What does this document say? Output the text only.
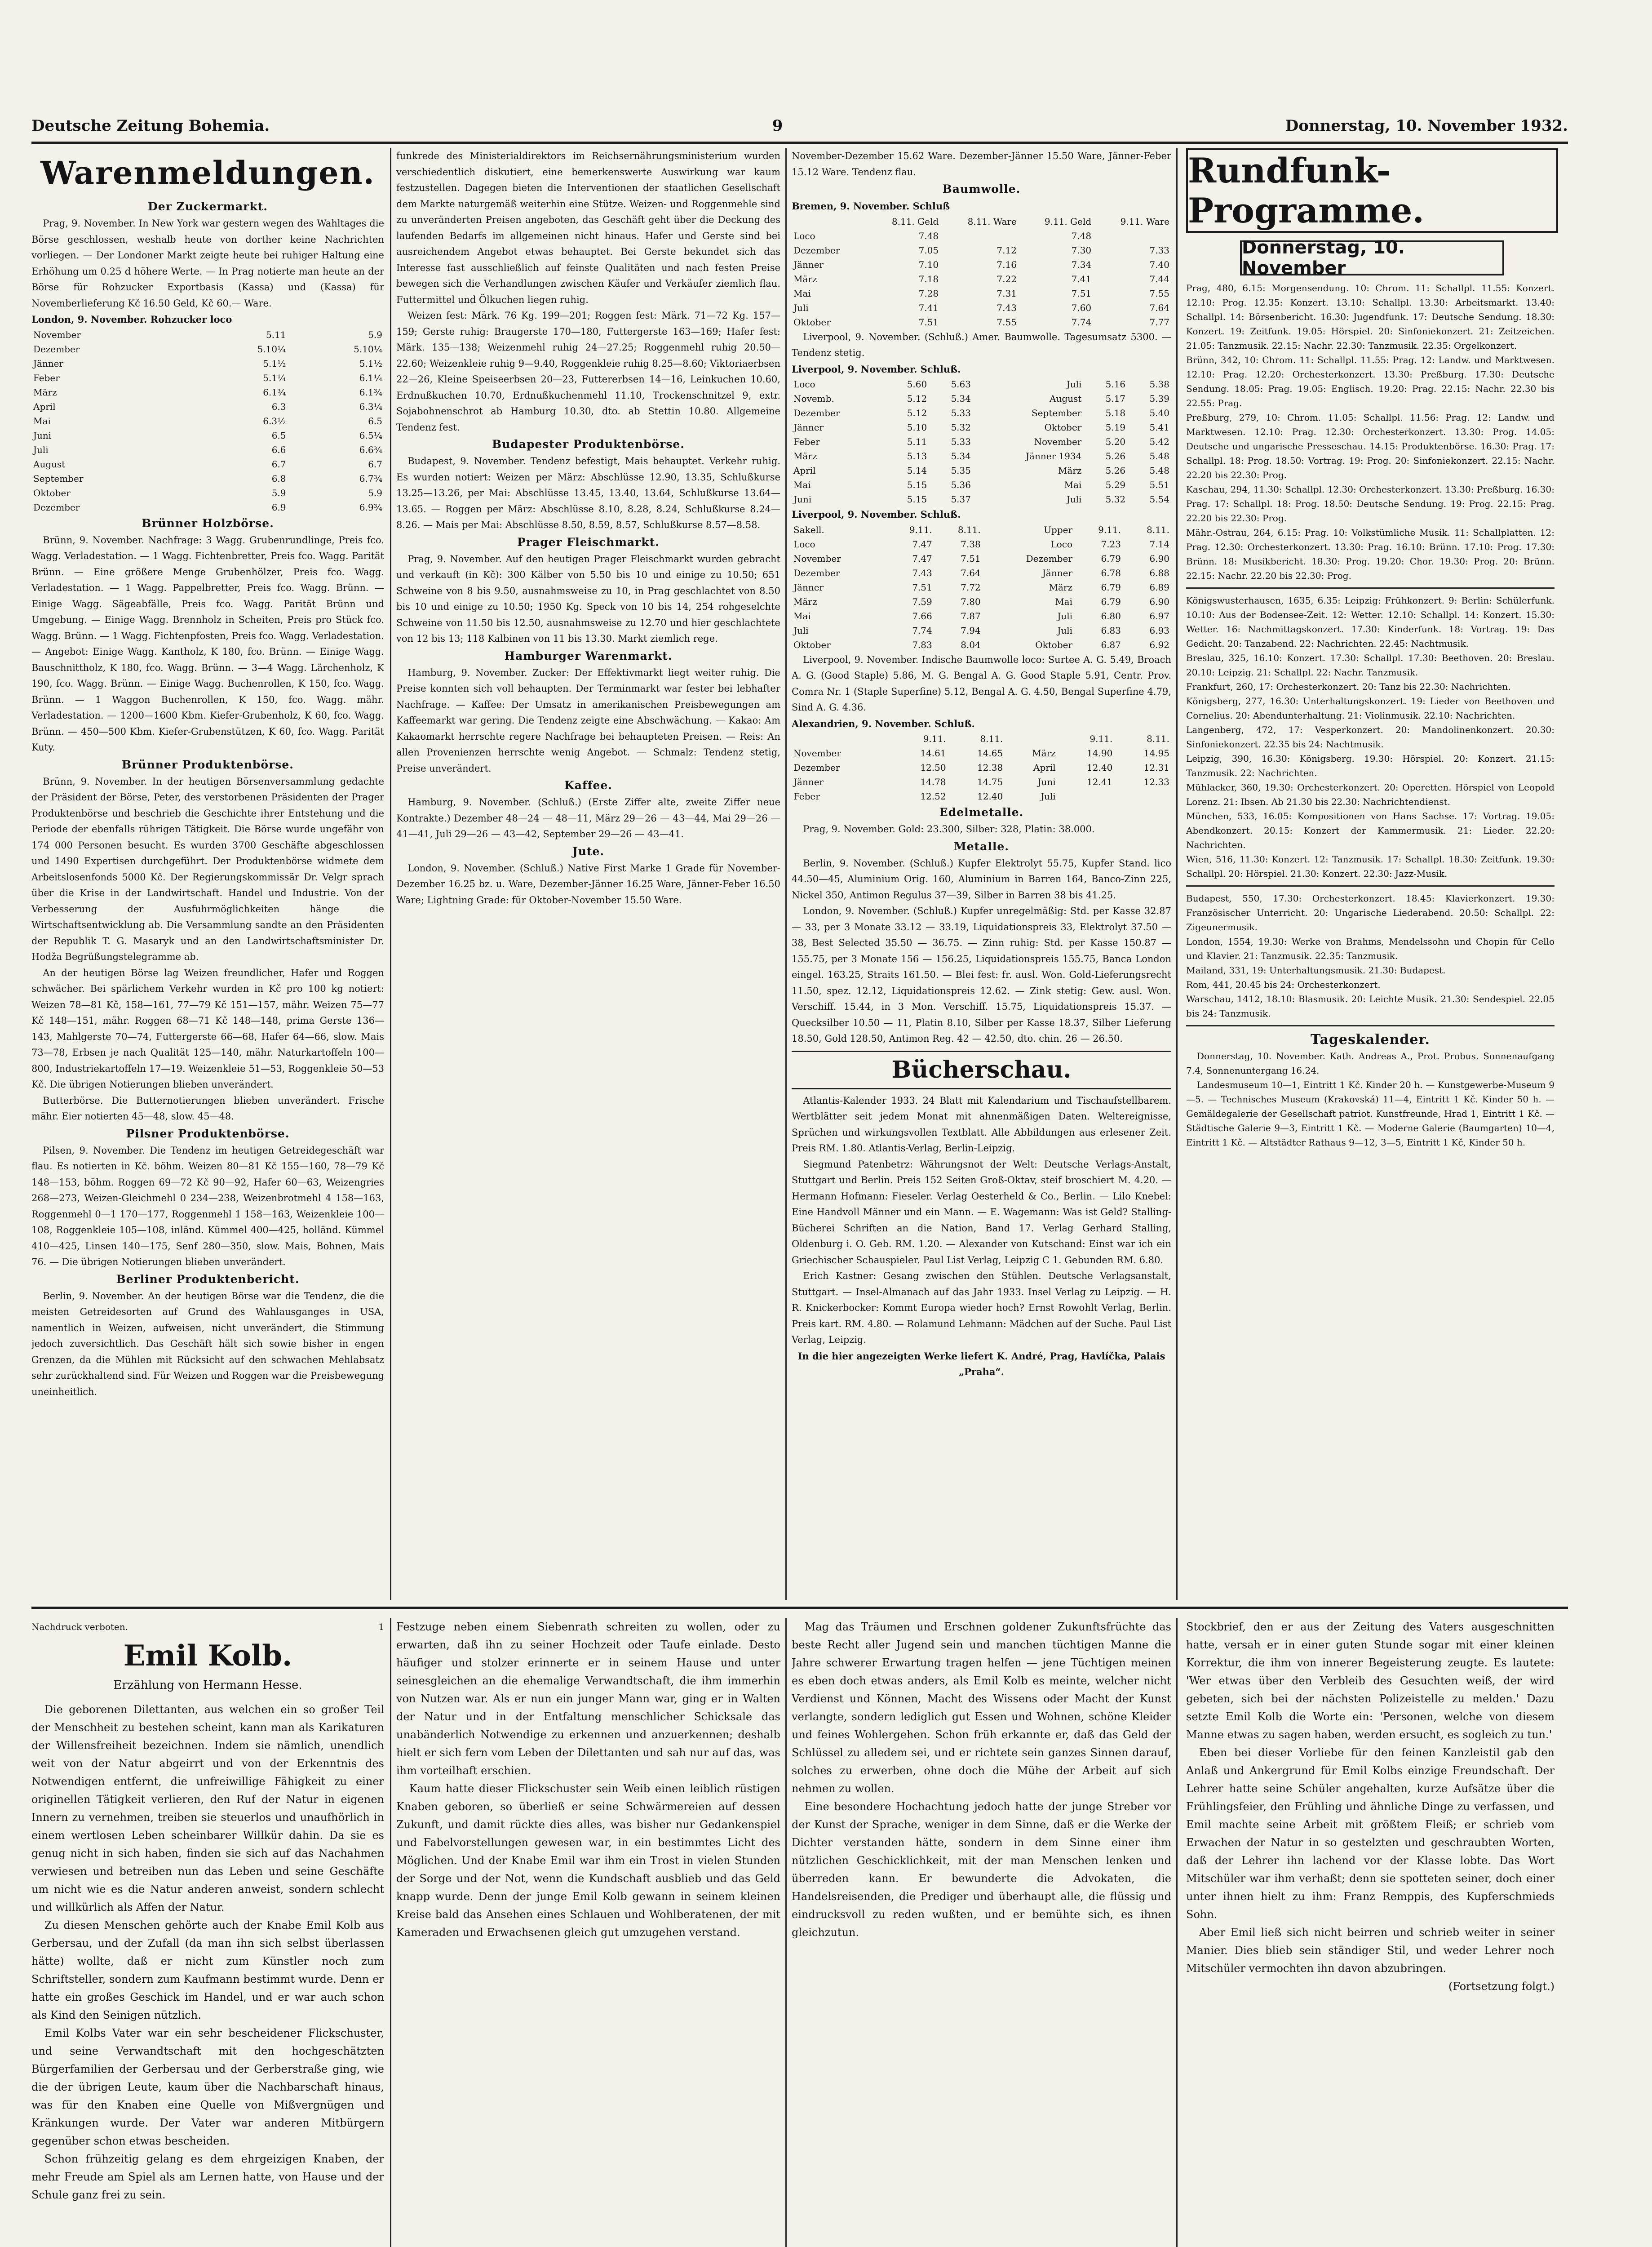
Deutsche Zeitung Bohemia.	9	Donnerstag, 10. November 1932.
Warenmeldungen.
Der Zuckermarkt.

Prag, 9. November. In New York war gestern wegen des Wahltages die Börse geschlossen, weshalb heute von dorther keine Nachrichten vorliegen. — Der Londoner Markt zeigte heute bei ruhiger Haltung eine Erhöhung um 0.25 d höhere Werte. — In Prag notierte man heute an der Börse für Rohzucker Exportbasis (Kassa) und (Kassa) für Novemberlieferung Kč 16.50 Geld, Kč 60.— Ware.

London, 9. November. Rohzucker loco

November	5.11	5.9
Dezember	5.10¼	5.10¼
Jänner	5.1½	5.1½
Feber	5.1¼	6.1¼
März	6.1¾	6.1¾
April	6.3	6.3¼
Mai	6.3½	6.5
Juni	6.5	6.5¼
Juli	6.6	6.6¾
August	6.7	6.7
September	6.8	6.7¾
Oktober	5.9	5.9
Dezember	6.9	6.9¾
Brünner Holzbörse.

Brünn, 9. November. Nachfrage: 3 Wagg. Grubenrundlinge, Preis fco. Wagg. Verladestation. — 1 Wagg. Fichtenbretter, Preis fco. Wagg. Parität Brünn. — Eine größere Menge Grubenhölzer, Preis fco. Wagg. Verladestation. — 1 Wagg. Pappelbretter, Preis fco. Wagg. Brünn. — Einige Wagg. Sägeabfälle, Preis fco. Wagg. Parität Brünn und Umgebung. — Einige Wagg. Brennholz in Scheiten, Preis pro Stück fco. Wagg. Brünn. — 1 Wagg. Fichtenpfosten, Preis fco. Wagg. Verladestation. — Angebot: Einige Wagg. Kantholz, K 180, fco. Brünn. — Einige Wagg. Bauschnittholz, K 180, fco. Wagg. Brünn. — 3—4 Wagg. Lärchenholz, K 190, fco. Wagg. Brünn. — Einige Wagg. Buchenrollen, K 150, fco. Wagg. Brünn. — 1 Waggon Buchenrollen, K 150, fco. Wagg. mähr. Verladestation. — 1200—1600 Kbm. Kiefer-Grubenholz, K 60, fco. Wagg. Brünn. — 450—500 Kbm. Kiefer-Grubenstützen, K 60, fco. Wagg. Parität Kuty.

Brünner Produktenbörse.

Brünn, 9. November. In der heutigen Börsenversammlung gedachte der Präsident der Börse, Peter, des verstorbenen Präsidenten der Prager Produktenbörse und beschrieb die Geschichte ihrer Entstehung und die Periode der ebenfalls rührigen Tätigkeit. Die Börse wurde ungefähr von 174 000 Personen besucht. Es wurden 3700 Geschäfte abgeschlossen und 1490 Expertisen durchgeführt. Der Produktenbörse widmete dem Arbeitslosenfonds 5000 Kč. Der Regierungskommissär Dr. Velgr sprach über die Krise in der Landwirtschaft. Handel und Industrie. Von der Verbesserung der Ausfuhrmöglichkeiten hänge die Wirtschaftsentwicklung ab. Die Versammlung sandte an den Präsidenten der Republik T. G. Masaryk und an den Landwirtschaftsminister Dr. Hodža Begrüßungstelegramme ab.

An der heutigen Börse lag Weizen freundlicher, Hafer und Roggen schwächer. Bei spärlichem Verkehr wurden in Kč pro 100 kg notiert: Weizen 78—81 Kč, 158—161, 77—79 Kč 151—157, mähr. Weizen 75—77 Kč 148—151, mähr. Roggen 68—71 Kč 148—148, prima Gerste 136—143, Mahlgerste 70—74, Futtergerste 66—68, Hafer 64—66, slow. Mais 73—78, Erbsen je nach Qualität 125—140, mähr. Naturkartoffeln 100—800, Industriekartoffeln 17—19. Weizenkleie 51—53, Roggenkleie 50—53 Kč. Die übrigen Notierungen blieben unverändert.

Butterbörse. Die Butternotierungen blieben unverändert. Frische mähr. Eier notierten 45—48, slow. 45—48.

Pilsner Produktenbörse.

Pilsen, 9. November. Die Tendenz im heutigen Getreidegeschäft war flau. Es notierten in Kč. böhm. Weizen 80—81 Kč 155—160, 78—79 Kč 148—153, böhm. Roggen 69—72 Kč 90—92, Hafer 60—63, Weizengries 268—273, Weizen-Gleichmehl 0 234—238, Weizenbrotmehl 4 158—163, Roggenmehl 0—1 170—177, Roggenmehl 1 158—163, Weizenkleie 100—108, Roggenkleie 105—108, inländ. Kümmel 400—425, holländ. Kümmel 410—425, Linsen 140—175, Senf 280—350, slow. Mais, Bohnen, Mais 76. — Die übrigen Notierungen blieben unverändert.

Berliner Produktenbericht.

Berlin, 9. November. An der heutigen Börse war die Tendenz, die die meisten Getreidesorten auf Grund des Wahlausganges in USA, namentlich in Weizen, aufweisen, nicht unverändert, die Stimmung jedoch zuversichtlich. Das Geschäft hält sich sowie bisher in engen Grenzen, da die Mühlen mit Rücksicht auf den schwachen Mehlabsatz sehr zurückhaltend sind. Für Weizen und Roggen war die Preisbewegung uneinheitlich.

funkrede des Ministerialdirektors im Reichsernährungsministerium wurden verschiedentlich diskutiert, eine bemerkenswerte Auswirkung war kaum festzustellen. Dagegen bieten die Interventionen der staatlichen Gesellschaft dem Markte naturgemäß weiterhin eine Stütze. Weizen- und Roggenmehle sind zu unveränderten Preisen angeboten, das Geschäft geht über die Deckung des laufenden Bedarfs im allgemeinen nicht hinaus. Hafer und Gerste sind bei ausreichendem Angebot etwas behauptet. Bei Gerste bekundet sich das Interesse fast ausschließlich auf feinste Qualitäten und nach festen Preise bewegen sich die Verhandlungen zwischen Käufer und Verkäufer ziemlich flau. Futtermittel und Ölkuchen liegen ruhig.

Weizen fest: Märk. 76 Kg. 199—201; Roggen fest: Märk. 71—72 Kg. 157—159; Gerste ruhig: Braugerste 170—180, Futtergerste 163—169; Hafer fest: Märk. 135—138; Weizenmehl ruhig 24—27.25; Roggenmehl ruhig 20.50—22.60; Weizenkleie ruhig 9—9.40, Roggenkleie ruhig 8.25—8.60; Viktoriaerbsen 22—26, Kleine Speiseerbsen 20—23, Futtererbsen 14—16, Leinkuchen 10.60, Erdnußkuchen 10.70, Erdnußkuchenmehl 11.10, Trockenschnitzel 9, extr. Sojabohnenschrot ab Hamburg 10.30, dto. ab Stettin 10.80. Allgemeine Tendenz fest.

Budapester Produktenbörse.

Budapest, 9. November. Tendenz befestigt, Mais behauptet. Verkehr ruhig. Es wurden notiert: Weizen per März: Abschlüsse 12.90, 13.35, Schlußkurse 13.25—13.26, per Mai: Abschlüsse 13.45, 13.40, 13.64, Schlußkurse 13.64—13.65. — Roggen per März: Abschlüsse 8.10, 8.28, 8.24, Schlußkurse 8.24—8.26. — Mais per Mai: Abschlüsse 8.50, 8.59, 8.57, Schlußkurse 8.57—8.58.

Prager Fleischmarkt.

Prag, 9. November. Auf den heutigen Prager Fleischmarkt wurden gebracht und verkauft (in Kč): 300 Kälber von 5.50 bis 10 und einige zu 10.50; 651 Schweine von 8 bis 9.50, ausnahmsweise zu 10, in Prag geschlachtet von 8.50 bis 10 und einige zu 10.50; 1950 Kg. Speck von 10 bis 14, 254 rohgeselchte Schweine von 11.50 bis 12.50, ausnahmsweise zu 12.70 und hier geschlachtete von 12 bis 13; 118 Kalbinen von 11 bis 13.30. Markt ziemlich rege.

Hamburger Warenmarkt.

Hamburg, 9. November. Zucker: Der Effektivmarkt liegt weiter ruhig. Die Preise konnten sich voll behaupten. Der Terminmarkt war fester bei lebhafter Nachfrage. — Kaffee: Der Umsatz in amerikanischen Preisbewegungen am Kaffeemarkt war gering. Die Tendenz zeigte eine Abschwächung. — Kakao: Am Kakaomarkt herrschte regere Nachfrage bei behaupteten Preisen. — Reis: An allen Provenienzen herrschte wenig Angebot. — Schmalz: Tendenz stetig, Preise unverändert.

Kaffee.

Hamburg, 9. November. (Schluß.) (Erste Ziffer alte, zweite Ziffer neue Kontrakte.) Dezember 48—24 — 48—11, März 29—26 — 43—44, Mai 29—26 — 41—41, Juli 29—26 — 43—42, September 29—26 — 43—41.

Jute.

London, 9. November. (Schluß.) Native First Marke 1 Grade für November-Dezember 16.25 bz. u. Ware, Dezember-Jänner 16.25 Ware, Jänner-Feber 16.50 Ware; Lightning Grade: für Oktober-November 15.50 Ware.

November-Dezember 15.62 Ware. Dezember-Jänner 15.50 Ware, Jänner-Feber 15.12 Ware. Tendenz flau.

Baumwolle.

Bremen, 9. November. Schluß

	8.11. Geld	8.11. Ware	9.11. Geld	9.11. Ware
Loco	7.48		7.48	
Dezember	7.05	7.12	7.30	7.33
Jänner	7.10	7.16	7.34	7.40
März	7.18	7.22	7.41	7.44
Mai	7.28	7.31	7.51	7.55
Juli	7.41	7.43	7.60	7.64
Oktober	7.51	7.55	7.74	7.77

Liverpool, 9. November. (Schluß.) Amer. Baumwolle. Tagesumsatz 5300. — Tendenz stetig.

Liverpool, 9. November. Schluß.

Loco	5.60	5.63	Juli	5.16	5.38
Novemb.	5.12	5.34	August	5.17	5.39
Dezember	5.12	5.33	September	5.18	5.40
Jänner	5.10	5.32	Oktober	5.19	5.41
Feber	5.11	5.33	November	5.20	5.42
März	5.13	5.34	Jänner 1934	5.26	5.48
April	5.14	5.35	März	5.26	5.48
Mai	5.15	5.36	Mai	5.29	5.51
Juni	5.15	5.37	Juli	5.32	5.54

Liverpool, 9. November. Schluß.

Sakell.	9.11.	8.11.	Upper	9.11.	8.11.
Loco	7.47	7.38	Loco	7.23	7.14
November	7.47	7.51	Dezember	6.79	6.90
Dezember	7.43	7.64	Jänner	6.78	6.88
Jänner	7.51	7.72	März	6.79	6.89
März	7.59	7.80	Mai	6.79	6.90
Mai	7.66	7.87	Juli	6.80	6.97
Juli	7.74	7.94	Juli	6.83	6.93
Oktober	7.83	8.04	Oktober	6.87	6.92

Liverpool, 9. November. Indische Baumwolle loco: Surtee A. G. 5.49, Broach A. G. (Good Staple) 5.86, M. G. Bengal A. G. Good Staple 5.91, Centr. Prov. Comra Nr. 1 (Staple Superfine) 5.12, Bengal A. G. 4.50, Bengal Superfine 4.79, Sind A. G. 4.36.

Alexandrien, 9. November. Schluß.

	9.11.	8.11.		9.11.	8.11.
November	14.61	14.65	März	14.90	14.95
Dezember	12.50	12.38	April	12.40	12.31
Jänner	14.78	14.75	Juni	12.41	12.33
Feber	12.52	12.40	Juli		
Edelmetalle.

Prag, 9. November. Gold: 23.300, Silber: 328, Platin: 38.000.

Metalle.

Berlin, 9. November. (Schluß.) Kupfer Elektrolyt 55.75, Kupfer Stand. lico 44.50—45, Aluminium Orig. 160, Aluminium in Barren 164, Banco-Zinn 225, Nickel 350, Antimon Regulus 37—39, Silber in Barren 38 bis 41.25.

London, 9. November. (Schluß.) Kupfer unregelmäßig: Std. per Kasse 32.87 — 33, per 3 Monate 33.12 — 33.19, Liquidationspreis 33, Elektrolyt 37.50 — 38, Best Selected 35.50 — 36.75. — Zinn ruhig: Std. per Kasse 150.87 — 155.75, per 3 Monate 156 — 156.25, Liquidationspreis 155.75, Banca London eingel. 163.25, Straits 161.50. — Blei fest: fr. ausl. Won. Gold-Lieferungsrecht 11.50, spez. 12.12, Liquidationspreis 12.62. — Zink stetig: Gew. ausl. Won. Verschiff. 15.44, in 3 Mon. Verschiff. 15.75, Liquidationspreis 15.37. — Quecksilber 10.50 — 11, Platin 8.10, Silber per Kasse 18.37, Silber Lieferung 18.50, Gold 128.50, Antimon Reg. 42 — 42.50, dto. chin. 26 — 26.50.

Bücherschau.

Atlantis-Kalender 1933. 24 Blatt mit Kalendarium und Tischaufstellbarem. Wertblätter seit jedem Monat mit ahnenmäßigen Daten. Weltereignisse, Sprüchen und wirkungsvollen Textblatt. Alle Abbildungen aus erlesener Zeit. Preis RM. 1.80. Atlantis-Verlag, Berlin-Leipzig.

Siegmund Patenbetrz: Währungsnot der Welt: Deutsche Verlags-Anstalt, Stuttgart und Berlin. Preis 152 Seiten Groß-Oktav, steif broschiert M. 4.20. — Hermann Hofmann: Fieseler. Verlag Oesterheld & Co., Berlin. — Lilo Knebel: Eine Handvoll Männer und ein Mann. — E. Wagemann: Was ist Geld? Stalling-Bücherei Schriften an die Nation, Band 17. Verlag Gerhard Stalling, Oldenburg i. O. Geb. RM. 1.20. — Alexander von Kutschand: Einst war ich ein Griechischer Schauspieler. Paul List Verlag, Leipzig C 1. Gebunden RM. 6.80.

Erich Kastner: Gesang zwischen den Stühlen. Deutsche Verlagsanstalt, Stuttgart. — Insel-Almanach auf das Jahr 1933. Insel Verlag zu Leipzig. — H. R. Knickerbocker: Kommt Europa wieder hoch? Ernst Rowohlt Verlag, Berlin. Preis kart. RM. 4.80. — Rolamund Lehmann: Mädchen auf der Suche. Paul List Verlag, Leipzig.

In die hier angezeigten Werke liefert K. André, Prag, Havlíčka, Palais „Praha“.

Rundfunk-Programme.
Donnerstag, 10. November

Prag, 480, 6.15: Morgensendung. 10: Chrom. 11: Schallpl. 11.55: Konzert. 12.10: Prog. 12.35: Konzert. 13.10: Schallpl. 13.30: Arbeitsmarkt. 13.40: Schallpl. 14: Börsenbericht. 16.30: Jugendfunk. 17: Deutsche Sendung. 18.30: Konzert. 19: Zeitfunk. 19.05: Hörspiel. 20: Sinfoniekonzert. 21: Zeitzeichen. 21.05: Tanzmusik. 22.15: Nachr. 22.30: Tanzmusik. 22.35: Orgelkonzert.

Brünn, 342, 10: Chrom. 11: Schallpl. 11.55: Prag. 12: Landw. und Marktwesen. 12.10: Prag. 12.20: Orchesterkonzert. 13.30: Preßburg. 17.30: Deutsche Sendung. 18.05: Prag. 19.05: Englisch. 19.20: Prag. 22.15: Nachr. 22.30 bis 22.55: Prag.

Preßburg, 279, 10: Chrom. 11.05: Schallpl. 11.56: Prag. 12: Landw. und Marktwesen. 12.10: Prag. 12.30: Orchesterkonzert. 13.30: Prog. 14.05: Deutsche und ungarische Presseschau. 14.15: Produktenbörse. 16.30: Prag. 17: Schallpl. 18: Prog. 18.50: Vortrag. 19: Prog. 20: Sinfoniekonzert. 22.15: Nachr. 22.20 bis 22.30: Prog.

Kaschau, 294, 11.30: Schallpl. 12.30: Orchesterkonzert. 13.30: Preßburg. 16.30: Prag. 17: Schallpl. 18: Prog. 18.50: Deutsche Sendung. 19: Prog. 22.15: Prag. 22.20 bis 22.30: Prog.

Mähr.-Ostrau, 264, 6.15: Prag. 10: Volkstümliche Musik. 11: Schallplatten. 12: Prag. 12.30: Orchesterkonzert. 13.30: Prag. 16.10: Brünn. 17.10: Prog. 17.30: Brünn. 18: Musikbericht. 18.30: Prog. 19.20: Chor. 19.30: Prog. 20: Brünn. 22.15: Nachr. 22.20 bis 22.30: Prog.

Königswusterhausen, 1635, 6.35: Leipzig: Frühkonzert. 9: Berlin: Schülerfunk. 10.10: Aus der Bodensee-Zeit. 12: Wetter. 12.10: Schallpl. 14: Konzert. 15.30: Wetter. 16: Nachmittagskonzert. 17.30: Kinderfunk. 18: Vortrag. 19: Das Gedicht. 20: Tanzabend. 22: Nachrichten. 22.45: Nachtmusik.

Breslau, 325, 16.10: Konzert. 17.30: Schallpl. 17.30: Beethoven. 20: Breslau. 20.10: Leipzig. 21: Schallpl. 22: Nachr. Tanzmusik.

Frankfurt, 260, 17: Orchesterkonzert. 20: Tanz bis 22.30: Nachrichten.

Königsberg, 277, 16.30: Unterhaltungskonzert. 19: Lieder von Beethoven und Cornelius. 20: Abendunterhaltung. 21: Violinmusik. 22.10: Nachrichten.

Langenberg, 472, 17: Vesperkonzert. 20: Mandolinenkonzert. 20.30: Sinfoniekonzert. 22.35 bis 24: Nachtmusik.

Leipzig, 390, 16.30: Königsberg. 19.30: Hörspiel. 20: Konzert. 21.15: Tanzmusik. 22: Nachrichten.

Mühlacker, 360, 19.30: Orchesterkonzert. 20: Operetten. Hörspiel von Leopold Lorenz. 21: Ibsen. Ab 21.30 bis 22.30: Nachrichtendienst.

München, 533, 16.05: Kompositionen von Hans Sachse. 17: Vortrag. 19.05: Abendkonzert. 20.15: Konzert der Kammermusik. 21: Lieder. 22.20: Nachrichten.

Wien, 516, 11.30: Konzert. 12: Tanzmusik. 17: Schallpl. 18.30: Zeitfunk. 19.30: Schallpl. 20: Hörspiel. 21.30: Konzert. 22.30: Jazz-Musik.

Budapest, 550, 17.30: Orchesterkonzert. 18.45: Klavierkonzert. 19.30: Französischer Unterricht. 20: Ungarische Liederabend. 20.50: Schallpl. 22: Zigeunermusik.

London, 1554, 19.30: Werke von Brahms, Mendelssohn und Chopin für Cello und Klavier. 21: Tanzmusik. 22.35: Tanzmusik.

Mailand, 331, 19: Unterhaltungsmusik. 21.30: Budapest.

Rom, 441, 20.45 bis 24: Orchesterkonzert.

Warschau, 1412, 18.10: Blasmusik. 20: Leichte Musik. 21.30: Sendespiel. 22.05 bis 24: Tanzmusik.

Tageskalender.

Donnerstag, 10. November. Kath. Andreas A., Prot. Probus. Sonnenaufgang 7.4, Sonnenuntergang 16.24.

Landesmuseum 10—1, Eintritt 1 Kč. Kinder 20 h. — Kunstgewerbe-Museum 9—5. — Technisches Museum (Krakovská) 11—4, Eintritt 1 Kč. Kinder 50 h. — Gemäldegalerie der Gesellschaft patriot. Kunstfreunde, Hrad 1, Eintritt 1 Kč. — Städtische Galerie 9—3, Eintritt 1 Kč. — Moderne Galerie (Baumgarten) 10—4, Eintritt 1 Kč. — Altstädter Rathaus 9—12, 3—5, Eintritt 1 Kč, Kinder 50 h.

Nachdruck verboten.	1
Emil Kolb.

Erzählung von Hermann Hesse.

Die geborenen Dilettanten, aus welchen ein so großer Teil der Menschheit zu bestehen scheint, kann man als Karikaturen der Willensfreiheit bezeichnen. Indem sie nämlich, unendlich weit von der Natur abgeirrt und von der Erkenntnis des Notwendigen entfernt, die unfreiwillige Fähigkeit zu einer originellen Tätigkeit verlieren, den Ruf der Natur in eigenen Innern zu vernehmen, treiben sie steuerlos und unaufhörlich in einem wertlosen Leben scheinbarer Willkür dahin. Da sie es genug nicht in sich haben, finden sie sich auf das Nachahmen verwiesen und betreiben nun das Leben und seine Geschäfte um nicht wie es die Natur anderen anweist, sondern schlecht und willkürlich als Affen der Natur.

Zu diesen Menschen gehörte auch der Knabe Emil Kolb aus Gerbersau, und der Zufall (da man ihn sich selbst überlassen hätte) wollte, daß er nicht zum Künstler noch zum Schriftsteller, sondern zum Kaufmann bestimmt wurde. Denn er hatte ein großes Geschick im Handel, und er war auch schon als Kind den Seinigen nützlich.

Emil Kolbs Vater war ein sehr bescheidener Flickschuster, und seine Verwandtschaft mit den hochgeschätzten Bürgerfamilien der Gerbersau und der Gerberstraße ging, wie die der übrigen Leute, kaum über die Nachbarschaft hinaus, was für den Knaben eine Quelle von Mißvergnügen und Kränkungen wurde. Der Vater war anderen Mitbürgern gegenüber schon etwas bescheiden.

Schon frühzeitig gelang es dem ehrgeizigen Knaben, der mehr Freude am Spiel als am Lernen hatte, von Hause und der Schule ganz frei zu sein.

Festzuge neben einem Siebenrath schreiten zu wollen, oder zu erwarten, daß ihn zu seiner Hochzeit oder Taufe einlade. Desto häufiger und stolzer erinnerte er in seinem Hause und unter seinesgleichen an die ehemalige Verwandtschaft, die ihm immerhin von Nutzen war. Als er nun ein junger Mann war, ging er in Walten der Natur und in der Entfaltung menschlicher Schicksale das unabänderlich Notwendige zu erkennen und anzuerkennen; deshalb hielt er sich fern vom Leben der Dilettanten und sah nur auf das, was ihm vorteilhaft erschien.

Kaum hatte dieser Flickschuster sein Weib einen leiblich rüstigen Knaben geboren, so überließ er seine Schwärmereien auf dessen Zukunft, und damit rückte dies alles, was bisher nur Gedankenspiel und Fabelvorstellungen gewesen war, in ein bestimmtes Licht des Möglichen. Und der Knabe Emil war ihm ein Trost in vielen Stunden der Sorge und der Not, wenn die Kundschaft ausblieb und das Geld knapp wurde. Denn der junge Emil Kolb gewann in seinem kleinen Kreise bald das Ansehen eines Schlauen und Wohlberatenen, der mit Kameraden und Erwachsenen gleich gut umzugehen verstand.

Mag das Träumen und Erschnen goldener Zukunftsfrüchte das beste Recht aller Jugend sein und manchen tüchtigen Manne die Jahre schwerer Erwartung tragen helfen — jene Tüchtigen meinen es eben doch etwas anders, als Emil Kolb es meinte, welcher nicht Verdienst und Können, Macht des Wissens oder Macht der Kunst verlangte, sondern lediglich gut Essen und Wohnen, schöne Kleider und feines Wohlergehen. Schon früh erkannte er, daß das Geld der Schlüssel zu alledem sei, und er richtete sein ganzes Sinnen darauf, solches zu erwerben, ohne doch die Mühe der Arbeit auf sich nehmen zu wollen.

Eine besondere Hochachtung jedoch hatte der junge Streber vor der Kunst der Sprache, weniger in dem Sinne, daß er die Werke der Dichter verstanden hätte, sondern in dem Sinne einer ihm nützlichen Geschicklichkeit, mit der man Menschen lenken und überreden kann. Er bewunderte die Advokaten, die Handelsreisenden, die Prediger und überhaupt alle, die flüssig und eindrucksvoll zu reden wußten, und er bemühte sich, es ihnen gleichzutun.

Stockbrief, den er aus der Zeitung des Vaters ausgeschnitten hatte, versah er in einer guten Stunde sogar mit einer kleinen Korrektur, die ihm von innerer Begeisterung zeugte. Es lautete: 'Wer etwas über den Verbleib des Gesuchten weiß, der wird gebeten, sich bei der nächsten Polizeistelle zu melden.' Dazu setzte Emil Kolb die Worte ein: 'Personen, welche von diesem Manne etwas zu sagen haben, werden ersucht, es sogleich zu tun.'

Eben bei dieser Vorliebe für den feinen Kanzleistil gab den Anlaß und Ankergrund für Emil Kolbs einzige Freundschaft. Der Lehrer hatte seine Schüler angehalten, kurze Aufsätze über die Frühlingsfeier, den Frühling und ähnliche Dinge zu verfassen, und Emil machte seine Arbeit mit größtem Fleiß; er schrieb vom Erwachen der Natur in so gestelzten und geschraubten Worten, daß der Lehrer ihn lachend vor der Klasse lobte. Das Wort Mitschüler war ihm verhaßt; denn sie spotteten seiner, doch einer unter ihnen hielt zu ihm: Franz Remppis, des Kupferschmieds Sohn.

Aber Emil ließ sich nicht beirren und schrieb weiter in seiner Manier. Dies blieb sein ständiger Stil, und weder Lehrer noch Mitschüler vermochten ihn davon abzubringen.

(Fortsetzung folgt.)
